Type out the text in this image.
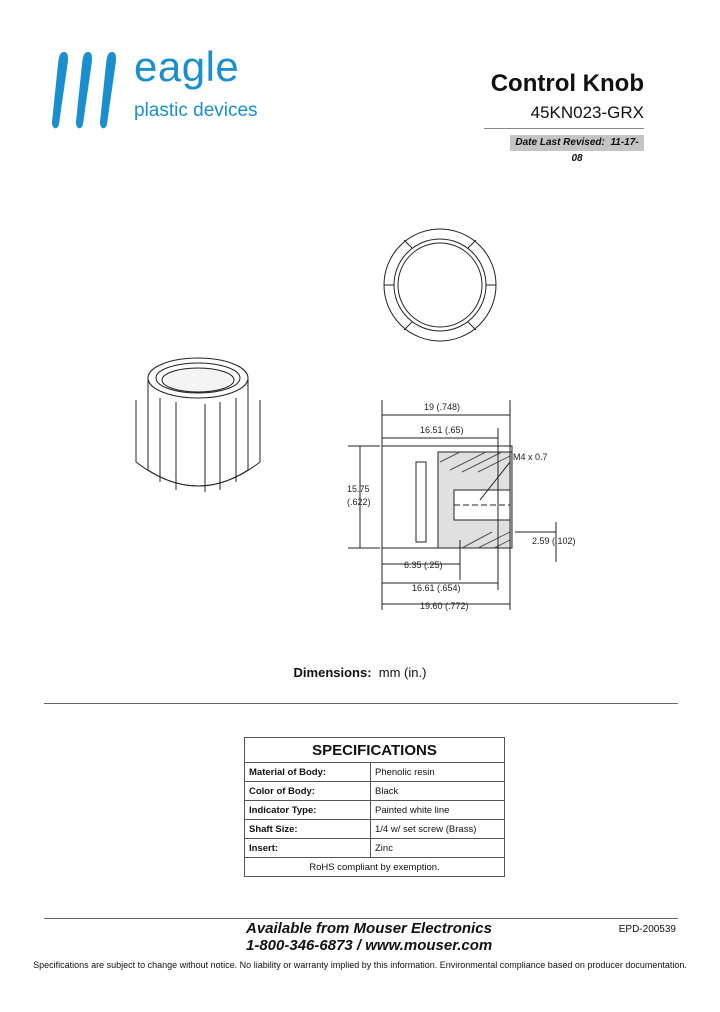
eagle
plastic devices
Control Knob
45KN023-GRX
Date Last Revised: 11-17-08
19 (.748)
16.51 (.65)
15.75
(.622)
M4 x 0.7
2.59 (.102)
6.35 (.25)
16.61 (.654)
19.60 (.772)
Dimensions: mm (in.)
SPECIFICATIONS	
Material of Body:	Phenolic resin
Color of Body:	Black
Indicator Type:	Painted white line
Shaft Size:	1/4 w/ set screw (Brass)
Insert:	Zinc
RoHS compliant by exemption.	
Available from Mouser Electronics
1-800-346-6873 / www.mouser.com
EPD-200539
Specifications are subject to change without notice. No liability or warranty implied by this information. Environmental compliance based on producer documentation.
